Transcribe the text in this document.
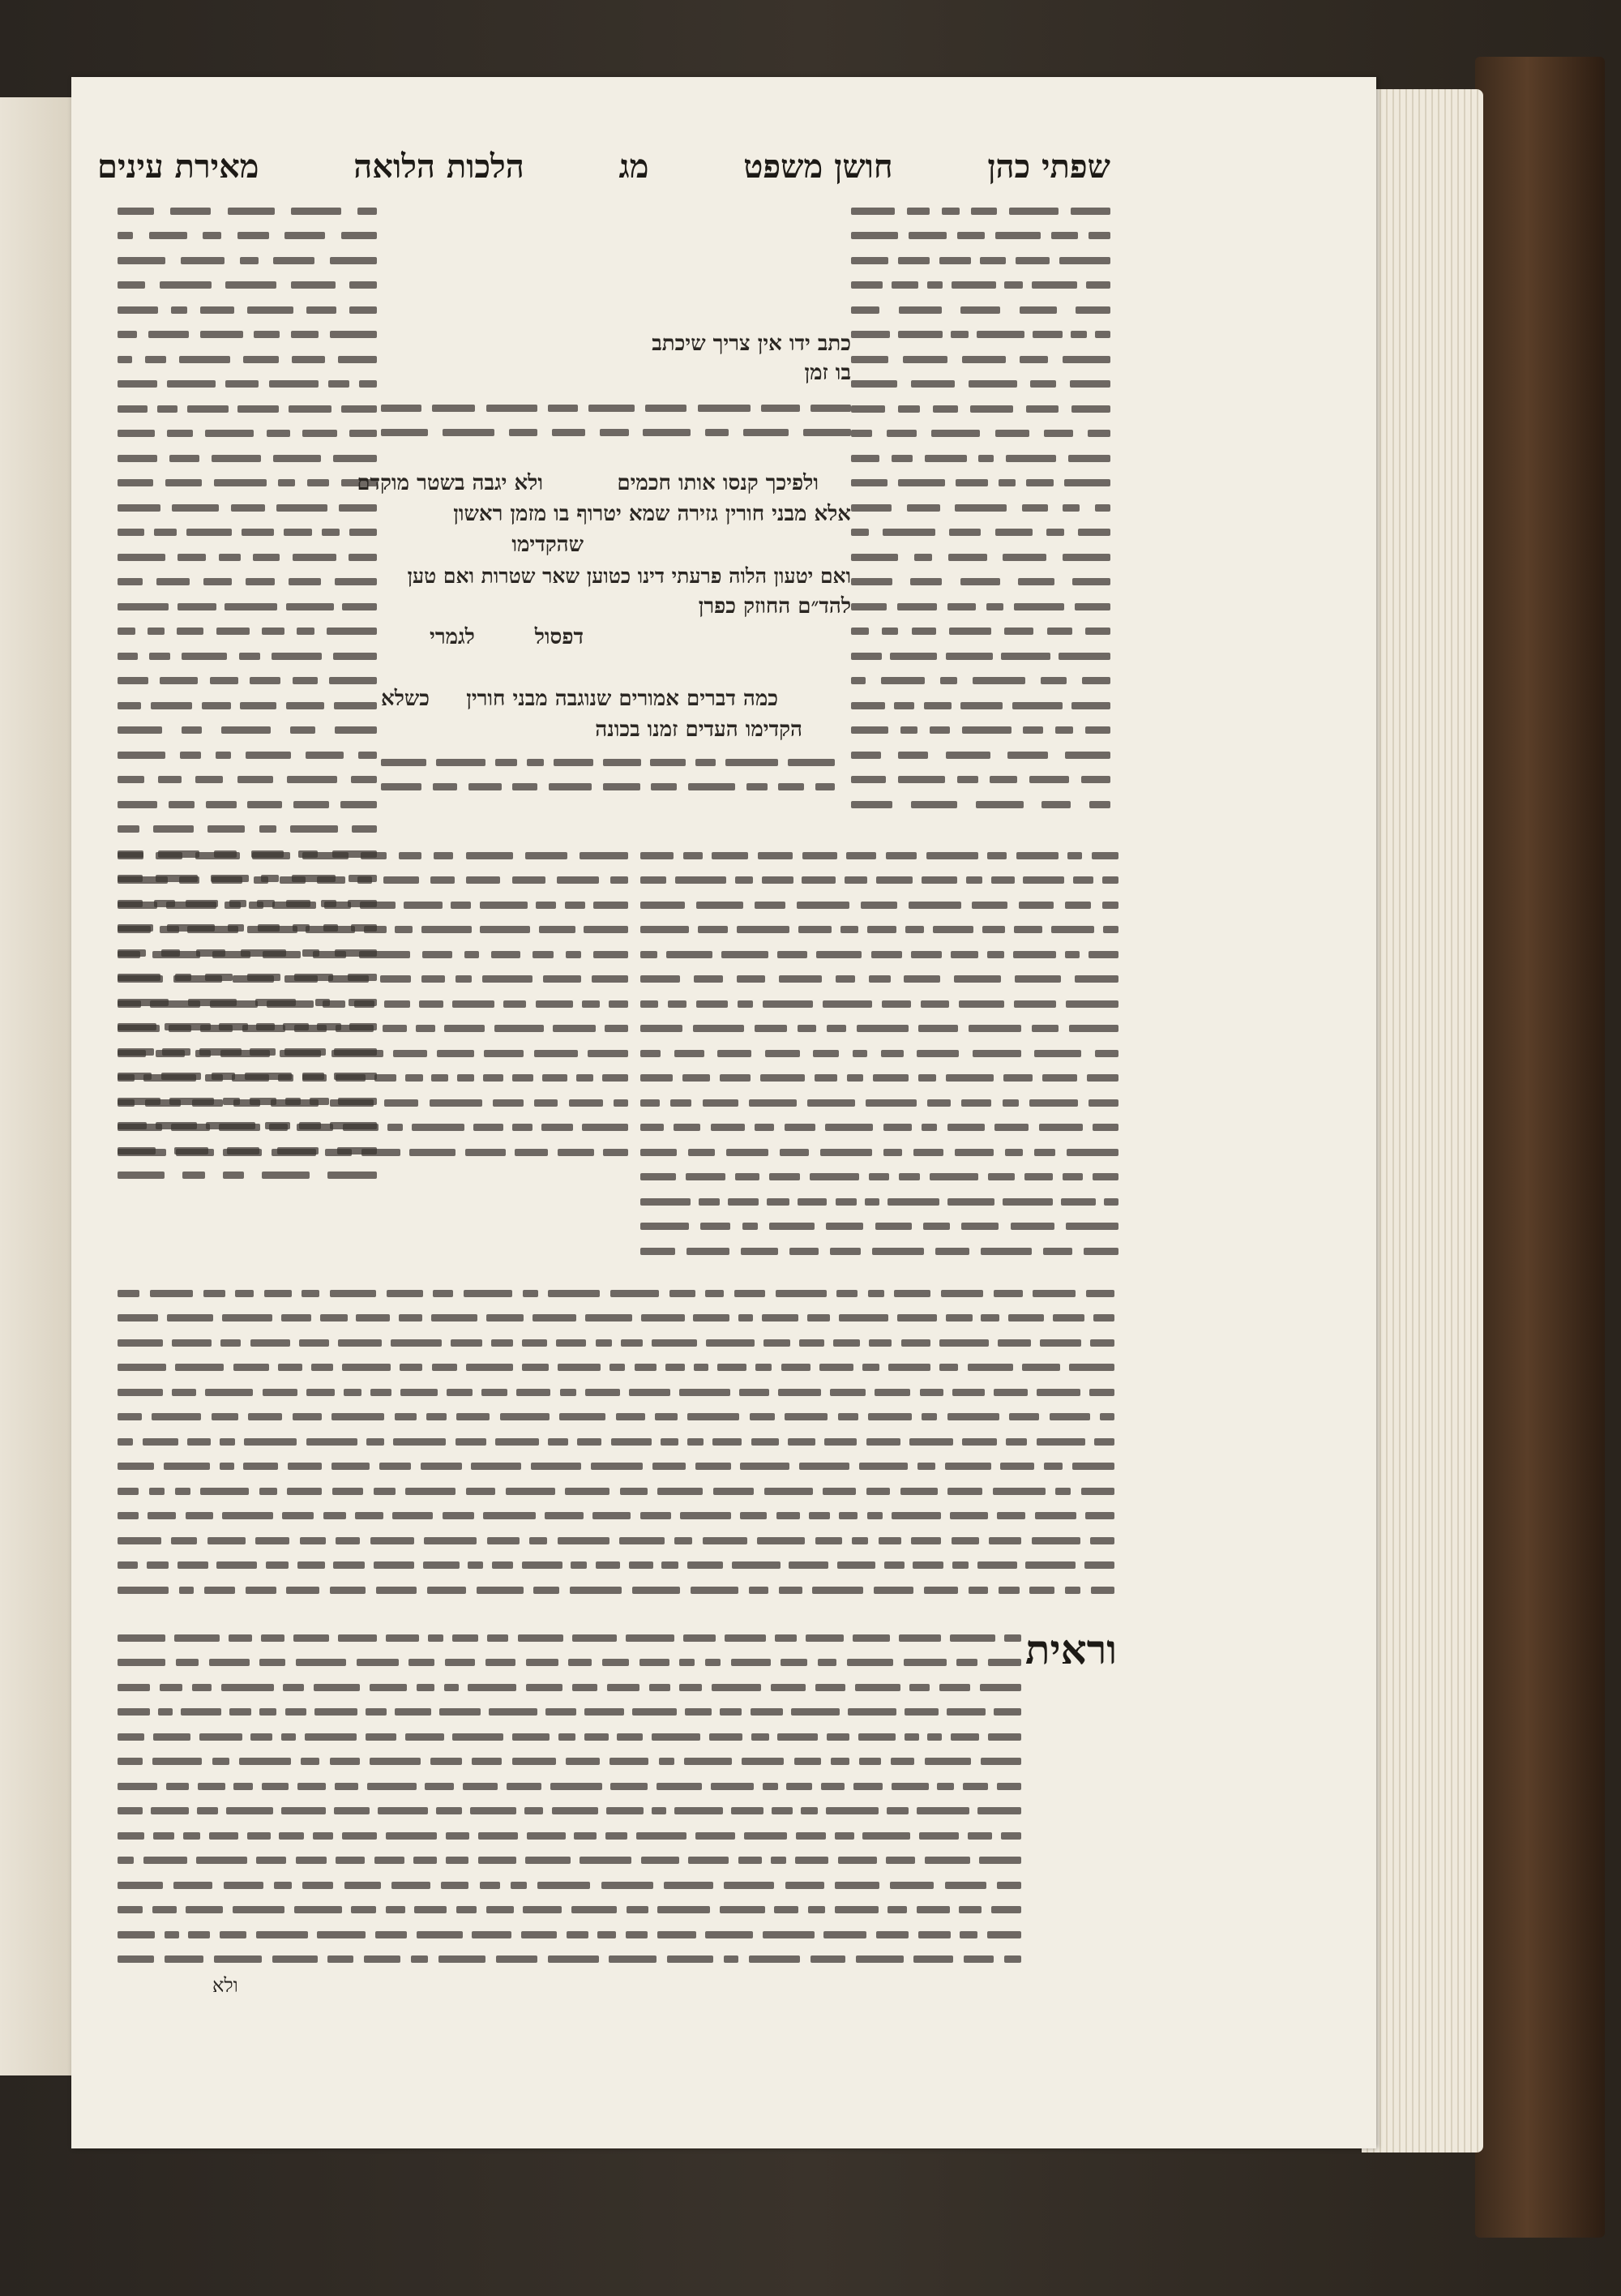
שפתי כהן
חושן משפט
מג
הלכות הלואה
מאירת עינים
כתב ידו אין צריך שיכתב
בו זמן
ולפיכך קנסו אותו חכמים
ולא יגבה בשטר מוקדם
אלא מבני חורין גזירה שמא יטרוף בו מזמן ראשון
שהקדימו
ואם יטעון הלוה פרעתי דינו כטוען שאר שטרות ואם טען
להד״ם החוזק כפרן
דפסול
לגמרי
כמה דברים אמורים שנוגבה מבני חורין
כשלא
הקדימו העדים זמנו בכונה
וראית
ולא
